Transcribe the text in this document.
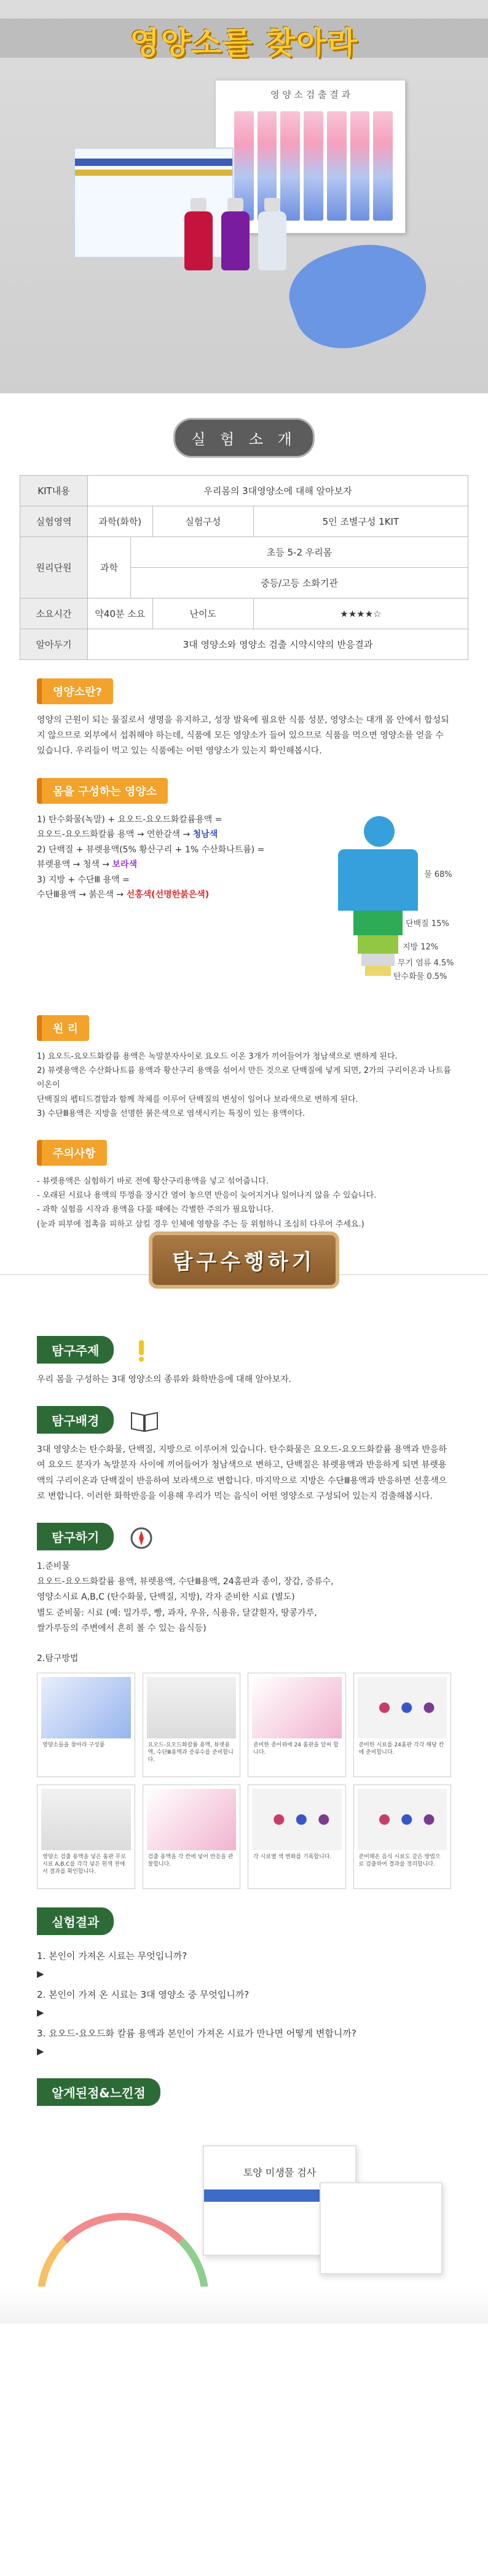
영양소를 찾아라
영 양 소 검 출 결 과
실 험 소 개
KIT내용	우리몸의 3대영양소에 대해 알아보자			
실험영역	과학(화학)		실험구성	5인 조별구성 1KIT
원리단원	과학	초등 5-2 우리몸		
		중등/고등 소화기관		
소요시간	약40분 소요		난이도	★★★★☆
알아두기	3대 영양소와 영양소 검출 시약시약의 반응결과			
영양소란?

영양의 근원이 되는 물질로서 생명을 유지하고, 성장 발육에 필요한 식품 성분, 영양소는 대개 몸 안에서 합성되지 않으므로 외부에서 섭취해야 하는데, 식품에 모든 영양소가 들어 있으므로 식품을 먹으면 영양소를 얻을 수 있습니다. 우리들이 먹고 있는 식품에는 어떤 영양소가 있는지 확인해봅시다.

몸을 구성하는 영양소

1) 탄수화물(녹말) + 요오드-요오드화칼륨용액 =

요오드-요오드화칼륨 용액 → 연한갈색 → 청남색

2) 단백질 + 뷰렛용액(5% 황산구리 + 1% 수산화나트륨) =

뷰렛용액 → 청색 → 보라색

3) 지방 + 수단Ⅲ 용액 =

수단Ⅲ용액 → 붉은색 → 선홍색(선명한붉은색)

물 68%
단백질 15%
지방 12%
무기 염류 4.5%
탄수화물 0.5%
원 리

1) 요오드-요오드화칼륨 용액은 녹말분자사이로 요오드 이온 3개가 끼어들어가 청남색으로 변하게 된다.

2) 뷰렛용액은 수산화나트륨 용액과 황산구리 용액을 섞어서 만든 것으로 단백질에 넣게 되면, 2가의 구리이온과 나트륨 이온이

단백질의 펩티드결합과 함께 착체를 이루어 단백질의 변성이 일어나 보라색으로 변하게 된다.

3) 수단Ⅲ용액은 지방을 선명한 붉은색으로 염색시키는 특징이 있는 용액이다.

주의사항

- 뷰렛용액은 실험하기 바로 전에 황산구리용액을 넣고 섞어줍니다.

- 오래된 시료나 용액의 뚜껑을 장시간 열어 놓으면 반응이 늦어지거나 일어나지 않을 수 있습니다.

- 과학 실험을 시작과 용액을 다룰 때에는 각별한 주의가 필요합니다.

(눈과 피부에 접촉을 피하고 삼킬 경우 인체에 영향을 주는 등 위험하니 조심히 다루어 주세요.)

탐구수행하기
탐구주제

우리 몸을 구성하는 3대 영양소의 종류와 화학반응에 대해 알아보자.

탐구배경

3대 영양소는 탄수화물, 단백질, 지방으로 이루어져 있습니다. 탄수화물은 요오드-요오드화칼륨 용액과 반응하여 요오드 분자가 녹말분자 사이에 끼어들어가 청남색으로 변하고, 단백질은 뷰렛용액과 반응하게 되면 뷰렛용액의 구리이온과 단백질이 반응하여 보라색으로 변합니다. 마지막으로 지방은 수단Ⅲ용액과 반응하면 선홍색으로 변합니다. 이러한 화학반응을 이용해 우리가 먹는 음식이 어떤 영양소로 구성되어 있는지 검출해봅시다.

탐구하기

1.준비물

요오드-요오드화칼륨 용액, 뷰렛용액, 수단Ⅲ용액, 24홈판과 종이, 장갑, 증류수,

영양소시료 A,B,C (탄수화물, 단백질, 지방), 각자 준비한 시료 (별도)

별도 준비물: 시료 (예: 밀가루, 빵, 과자, 우유, 식용유, 달걀흰자, 땅콩가루,

쌀가루등의 주변에서 흔히 볼 수 있는 음식등)

2.탐구방법

영양소들을 찾아라 구성품	요오드-요오드화칼륨 용액, 뷰렛용액, 수단Ⅲ용액과 증류수를 준비합니다.
준비한 종이위에 24 홈판을 알씨 합니다.
준비한 시료를 24홈판 각각 해당 칸에 준비합니다.
영양소 검출 용액을 넣은 홈판 무로 시료 A,B,C를 각각 넣은 흰색 전에서 결과를 확인합니다.
검출 용액을 각 칸에 넣어 반응을 관찰합니다.
각 시료별 색 변화를 기록합니다.	준비해온 음식 시료도 같은 방법으로 검출하여 결과를 정리합니다.
실험결과

1. 본인이 가져온 시료는 무엇입니까?

▶

2. 본인이 가져 온 시료는 3대 영양소 중 무엇입니까?

▶

3. 요오드-요오드화 칼륨 용액과 본인이 가져온 시료가 만나면 어떻게 변합니까?

▶

알게된점&느낀점
토양 미생물 검사
